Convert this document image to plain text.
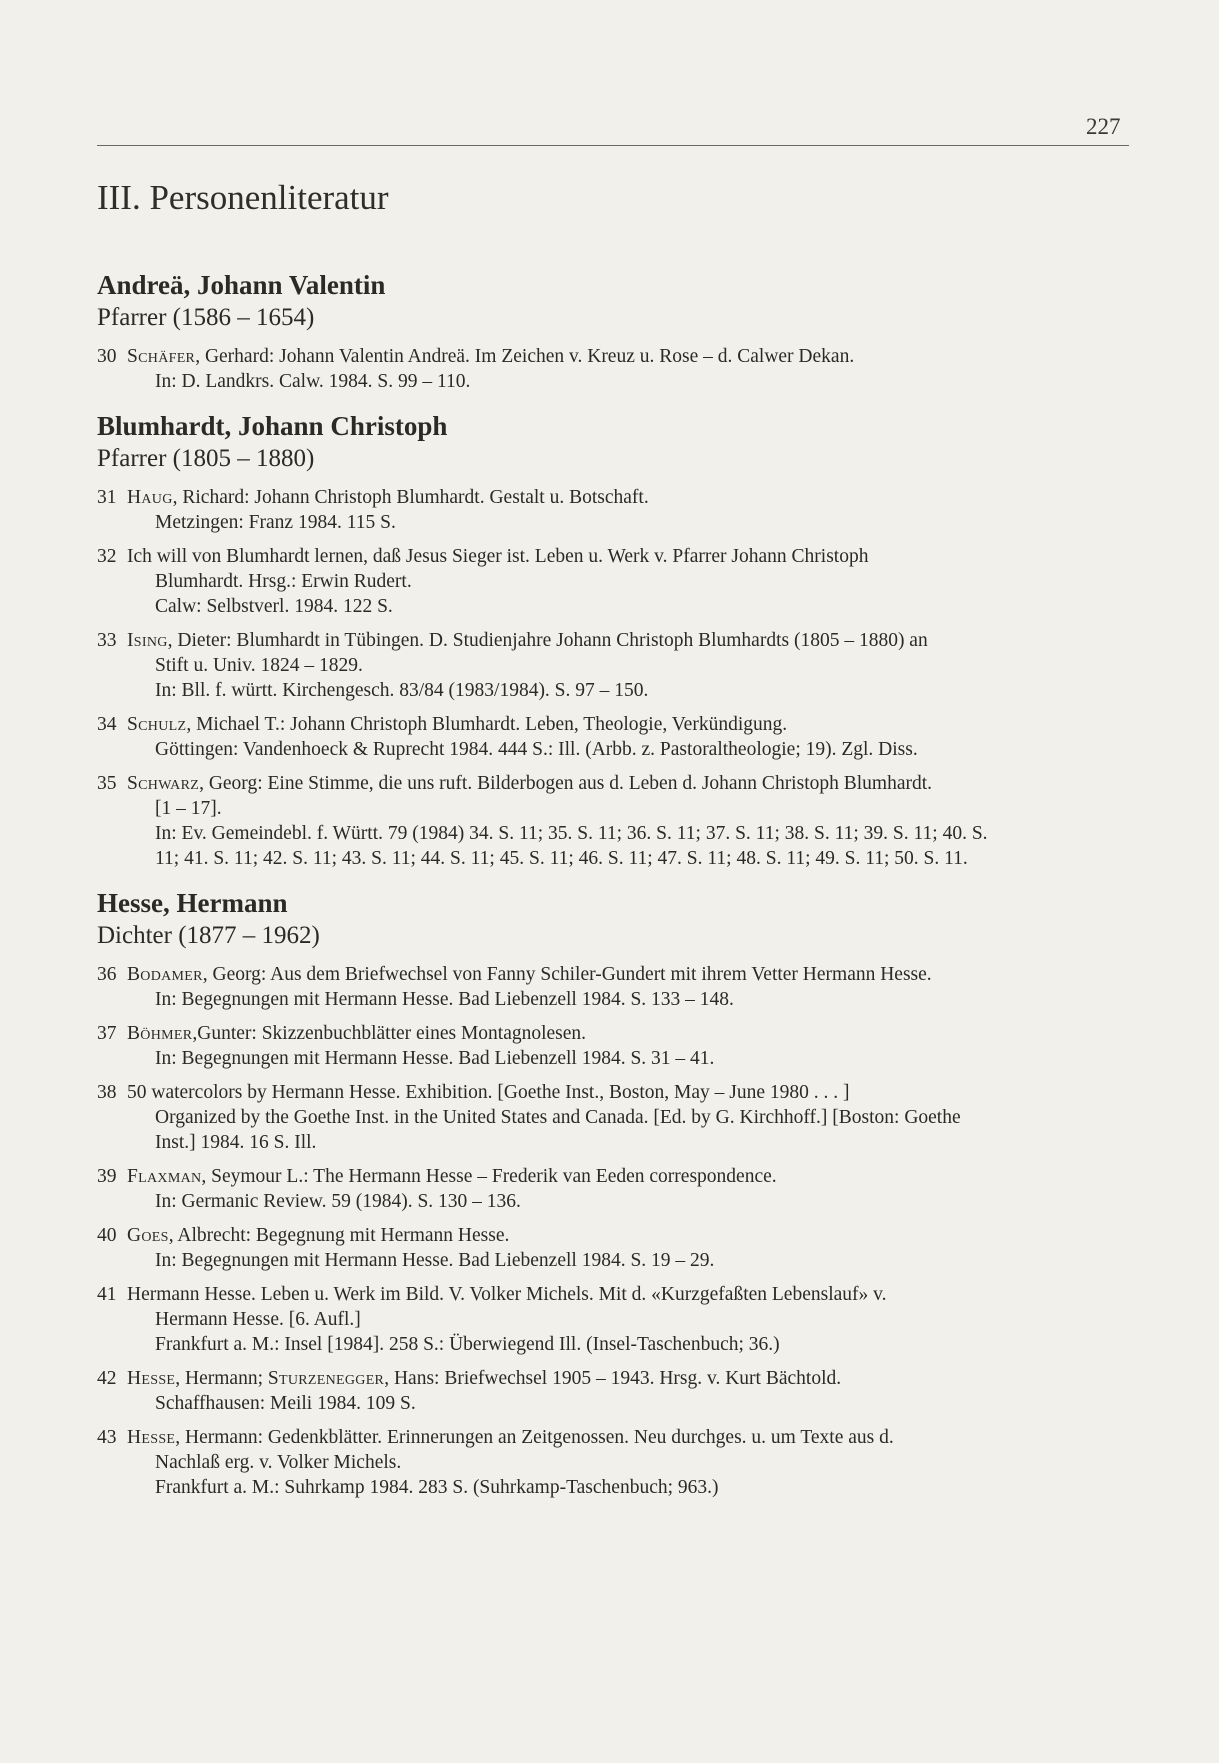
227
III. Personenliteratur
Andreä, Johann Valentin
Pfarrer (1586 – 1654)
30 Schäfer, Gerhard: Johann Valentin Andreä. Im Zeichen v. Kreuz u. Rose – d. Calwer Dekan.
In: D. Landkrs. Calw. 1984. S. 99 – 110.
Blumhardt, Johann Christoph
Pfarrer (1805 – 1880)
31 Haug, Richard: Johann Christoph Blumhardt. Gestalt u. Botschaft.
Metzingen: Franz 1984. 115 S.
32 Ich will von Blumhardt lernen, daß Jesus Sieger ist. Leben u. Werk v. Pfarrer Johann Christoph
Blumhardt. Hrsg.: Erwin Rudert.
Calw: Selbstverl. 1984. 122 S.
33 Ising, Dieter: Blumhardt in Tübingen. D. Studienjahre Johann Christoph Blumhardts (1805 – 1880) an
Stift u. Univ. 1824 – 1829.
In: Bll. f. württ. Kirchengesch. 83/84 (1983/1984). S. 97 – 150.
34 Schulz, Michael T.: Johann Christoph Blumhardt. Leben, Theologie, Verkündigung.
Göttingen: Vandenhoeck & Ruprecht 1984. 444 S.: Ill. (Arbb. z. Pastoraltheologie; 19). Zgl. Diss.
35 Schwarz, Georg: Eine Stimme, die uns ruft. Bilderbogen aus d. Leben d. Johann Christoph Blumhardt.
[1 – 17].
In: Ev. Gemeindebl. f. Württ. 79 (1984) 34. S. 11; 35. S. 11; 36. S. 11; 37. S. 11; 38. S. 11; 39. S. 11; 40. S.
11; 41. S. 11; 42. S. 11; 43. S. 11; 44. S. 11; 45. S. 11; 46. S. 11; 47. S. 11; 48. S. 11; 49. S. 11; 50. S. 11.
Hesse, Hermann
Dichter (1877 – 1962)
36 Bodamer, Georg: Aus dem Briefwechsel von Fanny Schiler-Gundert mit ihrem Vetter Hermann Hesse.
In: Begegnungen mit Hermann Hesse. Bad Liebenzell 1984. S. 133 – 148.
37 Böhmer,Gunter: Skizzenbuchblätter eines Montagnolesen.
In: Begegnungen mit Hermann Hesse. Bad Liebenzell 1984. S. 31 – 41.
38 50 watercolors by Hermann Hesse. Exhibition. [Goethe Inst., Boston, May – June 1980 . . . ]
Organized by the Goethe Inst. in the United States and Canada. [Ed. by G. Kirchhoff.] [Boston: Goethe
Inst.] 1984. 16 S. Ill.
39 Flaxman, Seymour L.: The Hermann Hesse – Frederik van Eeden correspondence.
In: Germanic Review. 59 (1984). S. 130 – 136.
40 Goes, Albrecht: Begegnung mit Hermann Hesse.
In: Begegnungen mit Hermann Hesse. Bad Liebenzell 1984. S. 19 – 29.
41 Hermann Hesse. Leben u. Werk im Bild. V. Volker Michels. Mit d. «Kurzgefaßten Lebenslauf» v.
Hermann Hesse. [6. Aufl.]
Frankfurt a. M.: Insel [1984]. 258 S.: Überwiegend Ill. (Insel-Taschenbuch; 36.)
42 Hesse, Hermann; Sturzenegger, Hans: Briefwechsel 1905 – 1943. Hrsg. v. Kurt Bächtold.
Schaffhausen: Meili 1984. 109 S.
43 Hesse, Hermann: Gedenkblätter. Erinnerungen an Zeitgenossen. Neu durchges. u. um Texte aus d.
Nachlaß erg. v. Volker Michels.
Frankfurt a. M.: Suhrkamp 1984. 283 S. (Suhrkamp-Taschenbuch; 963.)
